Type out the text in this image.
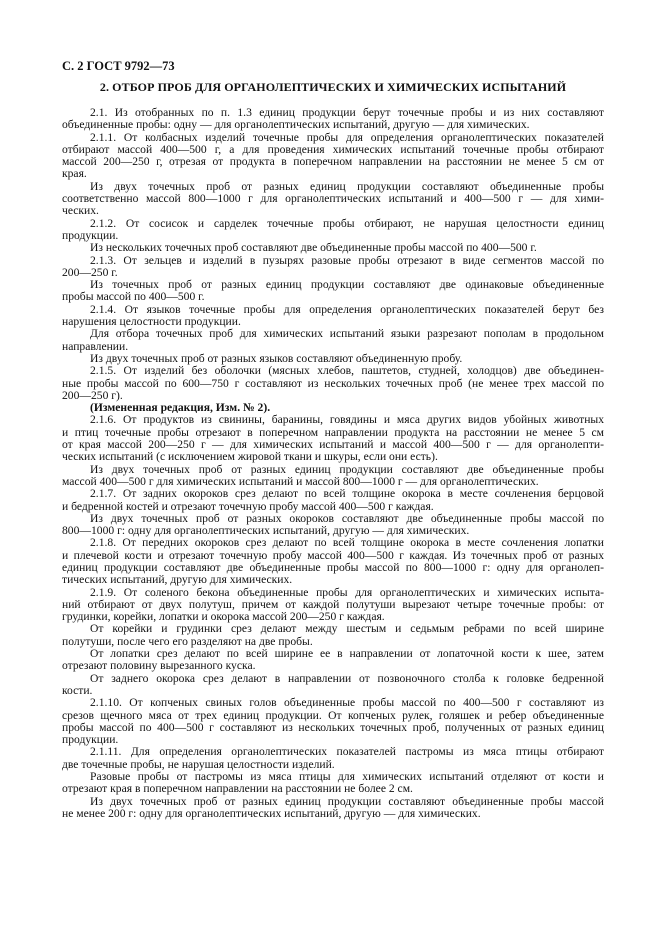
С. 2 ГОСТ 9792—73
2. ОТБОР ПРОБ ДЛЯ ОРГАНОЛЕПТИЧЕСКИХ И ХИМИЧЕСКИХ ИСПЫТАНИЙ
2.1. Из отобранных по п. 1.3 единиц продукции берут точечные пробы и из них составляют
объединенные пробы: одну — для органолептических испытаний, другую — для химических.
2.1.1. От колбасных изделий точечные пробы для определения органолептических показателей
отбирают массой 400—500 г, а для проведения химических испытаний точечные пробы отбирают
массой 200—250 г, отрезая от продукта в поперечном направлении на расстоянии не менее 5 см от
края.
Из двух точечных проб от разных единиц продукции составляют объединенные пробы
соответственно массой 800—1000 г для органолептических испытаний и 400—500 г — для хими-
ческих.
2.1.2. От сосисок и сарделек точечные пробы отбирают, не нарушая целостности единиц
продукции.
Из нескольких точечных проб составляют две объединенные пробы массой по 400—500 г.
2.1.3. От зельцев и изделий в пузырях разовые пробы отрезают в виде сегментов массой по
200—250 г.
Из точечных проб от разных единиц продукции составляют две одинаковые объединенные
пробы массой по 400—500 г.
2.1.4. От языков точечные пробы для определения органолептических показателей берут без
нарушения целостности продукции.
Для отбора точечных проб для химических испытаний языки разрезают пополам в продольном
направлении.
Из двух точечных проб от разных языков составляют объединенную пробу.
2.1.5. От изделий без оболочки (мясных хлебов, паштетов, студней, холодцов) две объединен-
ные пробы массой по 600—750 г составляют из нескольких точечных проб (не менее трех массой по
200—250 г).
(Измененная редакция, Изм. № 2).
2.1.6. От продуктов из свинины, баранины, говядины и мяса других видов убойных животных
и птиц точечные пробы отрезают в поперечном направлении продукта на расстоянии не менее 5 см
от края массой 200—250 г — для химических испытаний и массой 400—500 г — для органолепти-
ческих испытаний (с исключением жировой ткани и шкуры, если они есть).
Из двух точечных проб от разных единиц продукции составляют две объединенные пробы
массой 400—500 г для химических испытаний и массой 800—1000 г — для органолептических.
2.1.7. От задних окороков срез делают по всей толщине окорока в месте сочленения берцовой
и бедренной костей и отрезают точечную пробу массой 400—500 г каждая.
Из двух точечных проб от разных окороков составляют две объединенные пробы массой по
800—1000 г: одну для органолептических испытаний, другую — для химических.
2.1.8. От передних окороков срез делают по всей толщине окорока в месте сочленения лопатки
и плечевой кости и отрезают точечную пробу массой 400—500 г каждая. Из точечных проб от разных
единиц продукции составляют две объединенные пробы массой по 800—1000 г: одну для органолеп-
тических испытаний, другую для химических.
2.1.9. От соленого бекона объединенные пробы для органолептических и химических испыта-
ний отбирают от двух полутуш, причем от каждой полутуши вырезают четыре точечные пробы: от
грудинки, корейки, лопатки и окорока массой 200—250 г каждая.
От корейки и грудинки срез делают между шестым и седьмым ребрами по всей ширине
полутуши, после чего его разделяют на две пробы.
От лопатки срез делают по всей ширине ее в направлении от лопаточной кости к шее, затем
отрезают половину вырезанного куска.
От заднего окорока срез делают в направлении от позвоночного столба к головке бедренной
кости.
2.1.10. От копченых свиных голов объединенные пробы массой по 400—500 г составляют из
срезов щечного мяса от трех единиц продукции. От копченых рулек, голяшек и ребер объединенные
пробы массой по 400—500 г составляют из нескольких точечных проб, полученных от разных единиц
продукции.
2.1.11. Для определения органолептических показателей пастромы из мяса птицы отбирают
две точечные пробы, не нарушая целостности изделий.
Разовые пробы от пастромы из мяса птицы для химических испытаний отделяют от кости и
отрезают края в поперечном направлении на расстоянии не более 2 см.
Из двух точечных проб от разных единиц продукции составляют объединенные пробы массой
не менее 200 г: одну для органолептических испытаний, другую — для химических.
